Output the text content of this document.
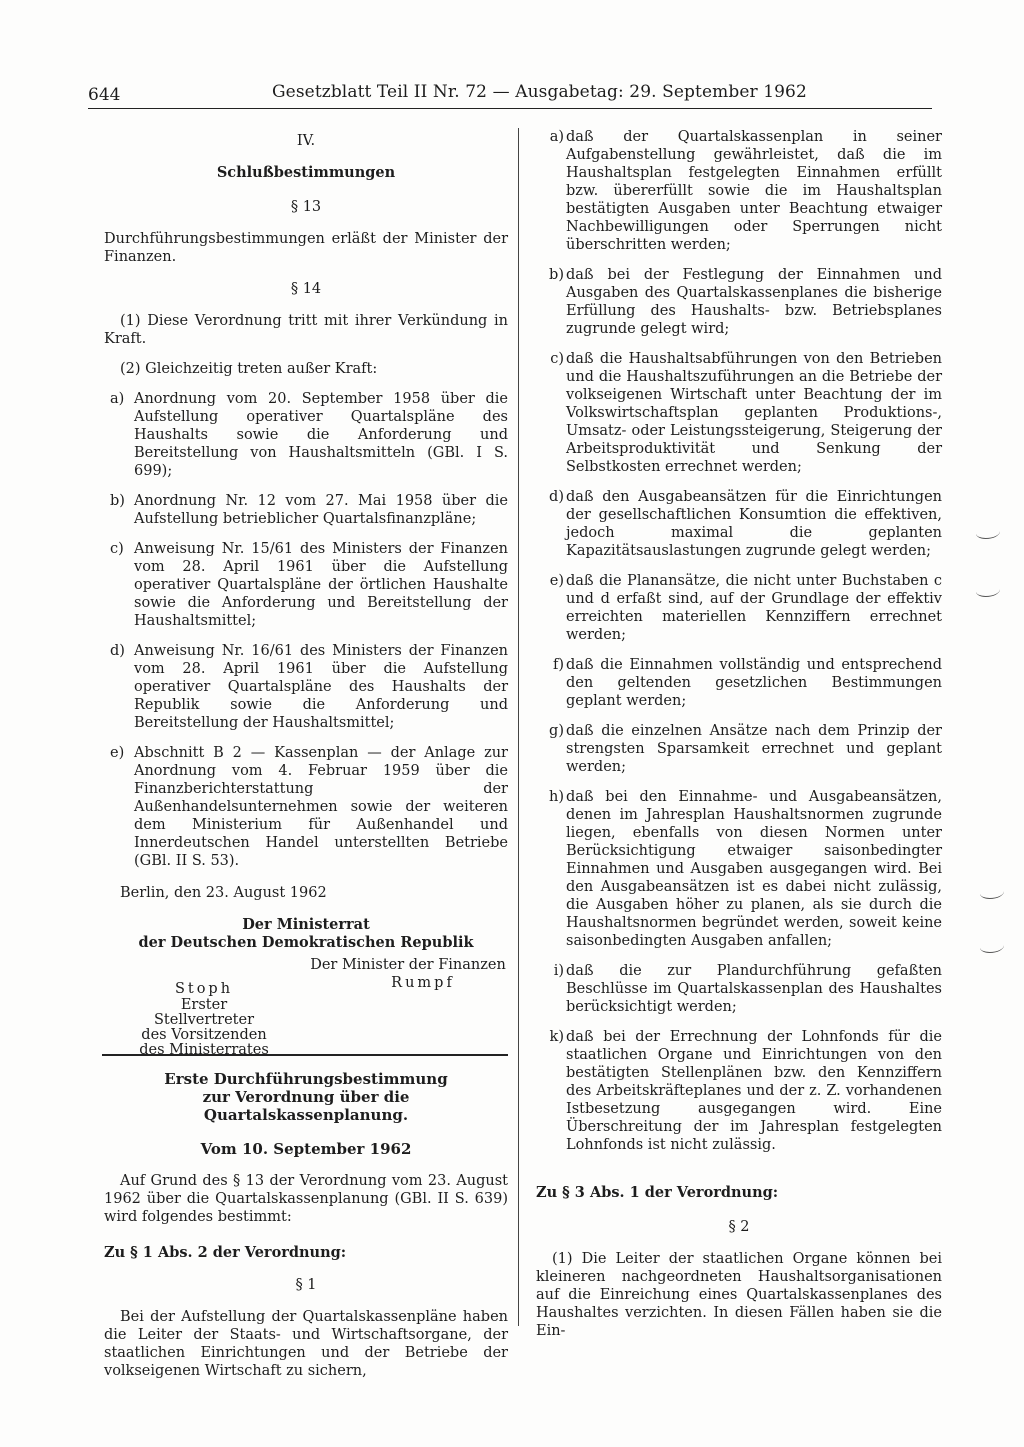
644	Gesetzblatt Teil II Nr. 72 — Ausgabetag: 29. September 1962

IV.

Schlußbestimmungen

§ 13

Durchführungsbestimmungen erläßt der Minister der Finanzen.

§ 14

(1) Diese Verordnung tritt mit ihrer Verkündung in Kraft.

(2) Gleichzeitig treten außer Kraft:

a) Anordnung vom 20. September 1958 über die Aufstellung operativer Quartalspläne des Haushalts sowie die Anforderung und Bereitstellung von Haushaltsmitteln (GBl. I S. 699);
b) Anordnung Nr. 12 vom 27. Mai 1958 über die Aufstellung betrieblicher Quartalsfinanzpläne;
c) Anweisung Nr. 15/61 des Ministers der Finanzen vom 28. April 1961 über die Aufstellung operativer Quartalspläne der örtlichen Haushalte sowie die Anforderung und Bereitstellung der Haushaltsmittel;
d) Anweisung Nr. 16/61 des Ministers der Finanzen vom 28. April 1961 über die Aufstellung operativer Quartalspläne des Haushalts der Republik sowie die Anforderung und Bereitstellung der Haushaltsmittel;
e) Abschnitt B 2 — Kassenplan — der Anlage zur Anordnung vom 4. Februar 1959 über die Finanzberichterstattung der Außenhandelsunternehmen sowie der weiteren dem Ministerium für Außenhandel und Innerdeutschen Handel unterstellten Betriebe (GBl. II S. 53).

Berlin, den 23. August 1962

Der Ministerrat

der Deutschen Demokratischen Republik

Der Minister der Finanzen
Rumpf
Stoph
Erster Stellvertreter
des Vorsitzenden
des Ministerrates

Erste Durchführungsbestimmung

zur Verordnung über die Quartalskassenplanung.

Vom 10. September 1962

Auf Grund des § 13 der Verordnung vom 23. August 1962 über die Quartalskassenplanung (GBl. II S. 639) wird folgendes bestimmt:

Zu § 1 Abs. 2 der Verordnung:

§ 1

Bei der Aufstellung der Quartalskassenpläne haben die Leiter der Staats- und Wirtschaftsorgane, der staatlichen Einrichtungen und der Betriebe der volkseigenen Wirtschaft zu sichern,

a) daß der Quartalskassenplan in seiner Aufgabenstellung gewährleistet, daß die im Haushaltsplan festgelegten Einnahmen erfüllt bzw. übererfüllt sowie die im Haushaltsplan bestätigten Ausgaben unter Beachtung etwaiger Nachbewilligungen oder Sperrungen nicht überschritten werden;
b) daß bei der Festlegung der Einnahmen und Ausgaben des Quartalskassenplanes die bisherige Erfüllung des Haushalts- bzw. Betriebsplanes zugrunde gelegt wird;
c) daß die Haushaltsabführungen von den Betrieben und die Haushaltszuführungen an die Betriebe der volkseigenen Wirtschaft unter Beachtung der im Volkswirtschaftsplan geplanten Produktions-, Umsatz- oder Leistungssteigerung, Steigerung der Arbeitsproduktivität und Senkung der Selbstkosten errechnet werden;
d) daß den Ausgabeansätzen für die Einrichtungen der gesellschaftlichen Konsumtion die effektiven, jedoch maximal die geplanten Kapazitätsauslastungen zugrunde gelegt werden;
e) daß die Planansätze, die nicht unter Buchstaben c und d erfaßt sind, auf der Grundlage der effektiv erreichten materiellen Kennziffern errechnet werden;
f) daß die Einnahmen vollständig und entsprechend den geltenden gesetzlichen Bestimmungen geplant werden;
g) daß die einzelnen Ansätze nach dem Prinzip der strengsten Sparsamkeit errechnet und geplant werden;
h) daß bei den Einnahme- und Ausgabeansätzen, denen im Jahresplan Haushaltsnormen zugrunde liegen, ebenfalls von diesen Normen unter Berücksichtigung etwaiger saisonbedingter Einnahmen und Ausgaben ausgegangen wird. Bei den Ausgabeansätzen ist es dabei nicht zulässig, die Ausgaben höher zu planen, als sie durch die Haushaltsnormen begründet werden, soweit keine saisonbedingten Ausgaben anfallen;
i) daß die zur Plandurchführung gefaßten Beschlüsse im Quartalskassenplan des Haushaltes berücksichtigt werden;
k) daß bei der Errechnung der Lohnfonds für die staatlichen Organe und Einrichtungen von den bestätigten Stellenplänen bzw. den Kennziffern des Arbeitskräfteplanes und der z. Z. vorhandenen Istbesetzung ausgegangen wird. Eine Überschreitung der im Jahresplan festgelegten Lohnfonds ist nicht zulässig.

Zu § 3 Abs. 1 der Verordnung:

§ 2

(1) Die Leiter der staatlichen Organe können bei kleineren nachgeordneten Haushaltsorganisationen auf die Einreichung eines Quartalskassenplanes des Haushaltes verzichten. In diesen Fällen haben sie die Ein-
